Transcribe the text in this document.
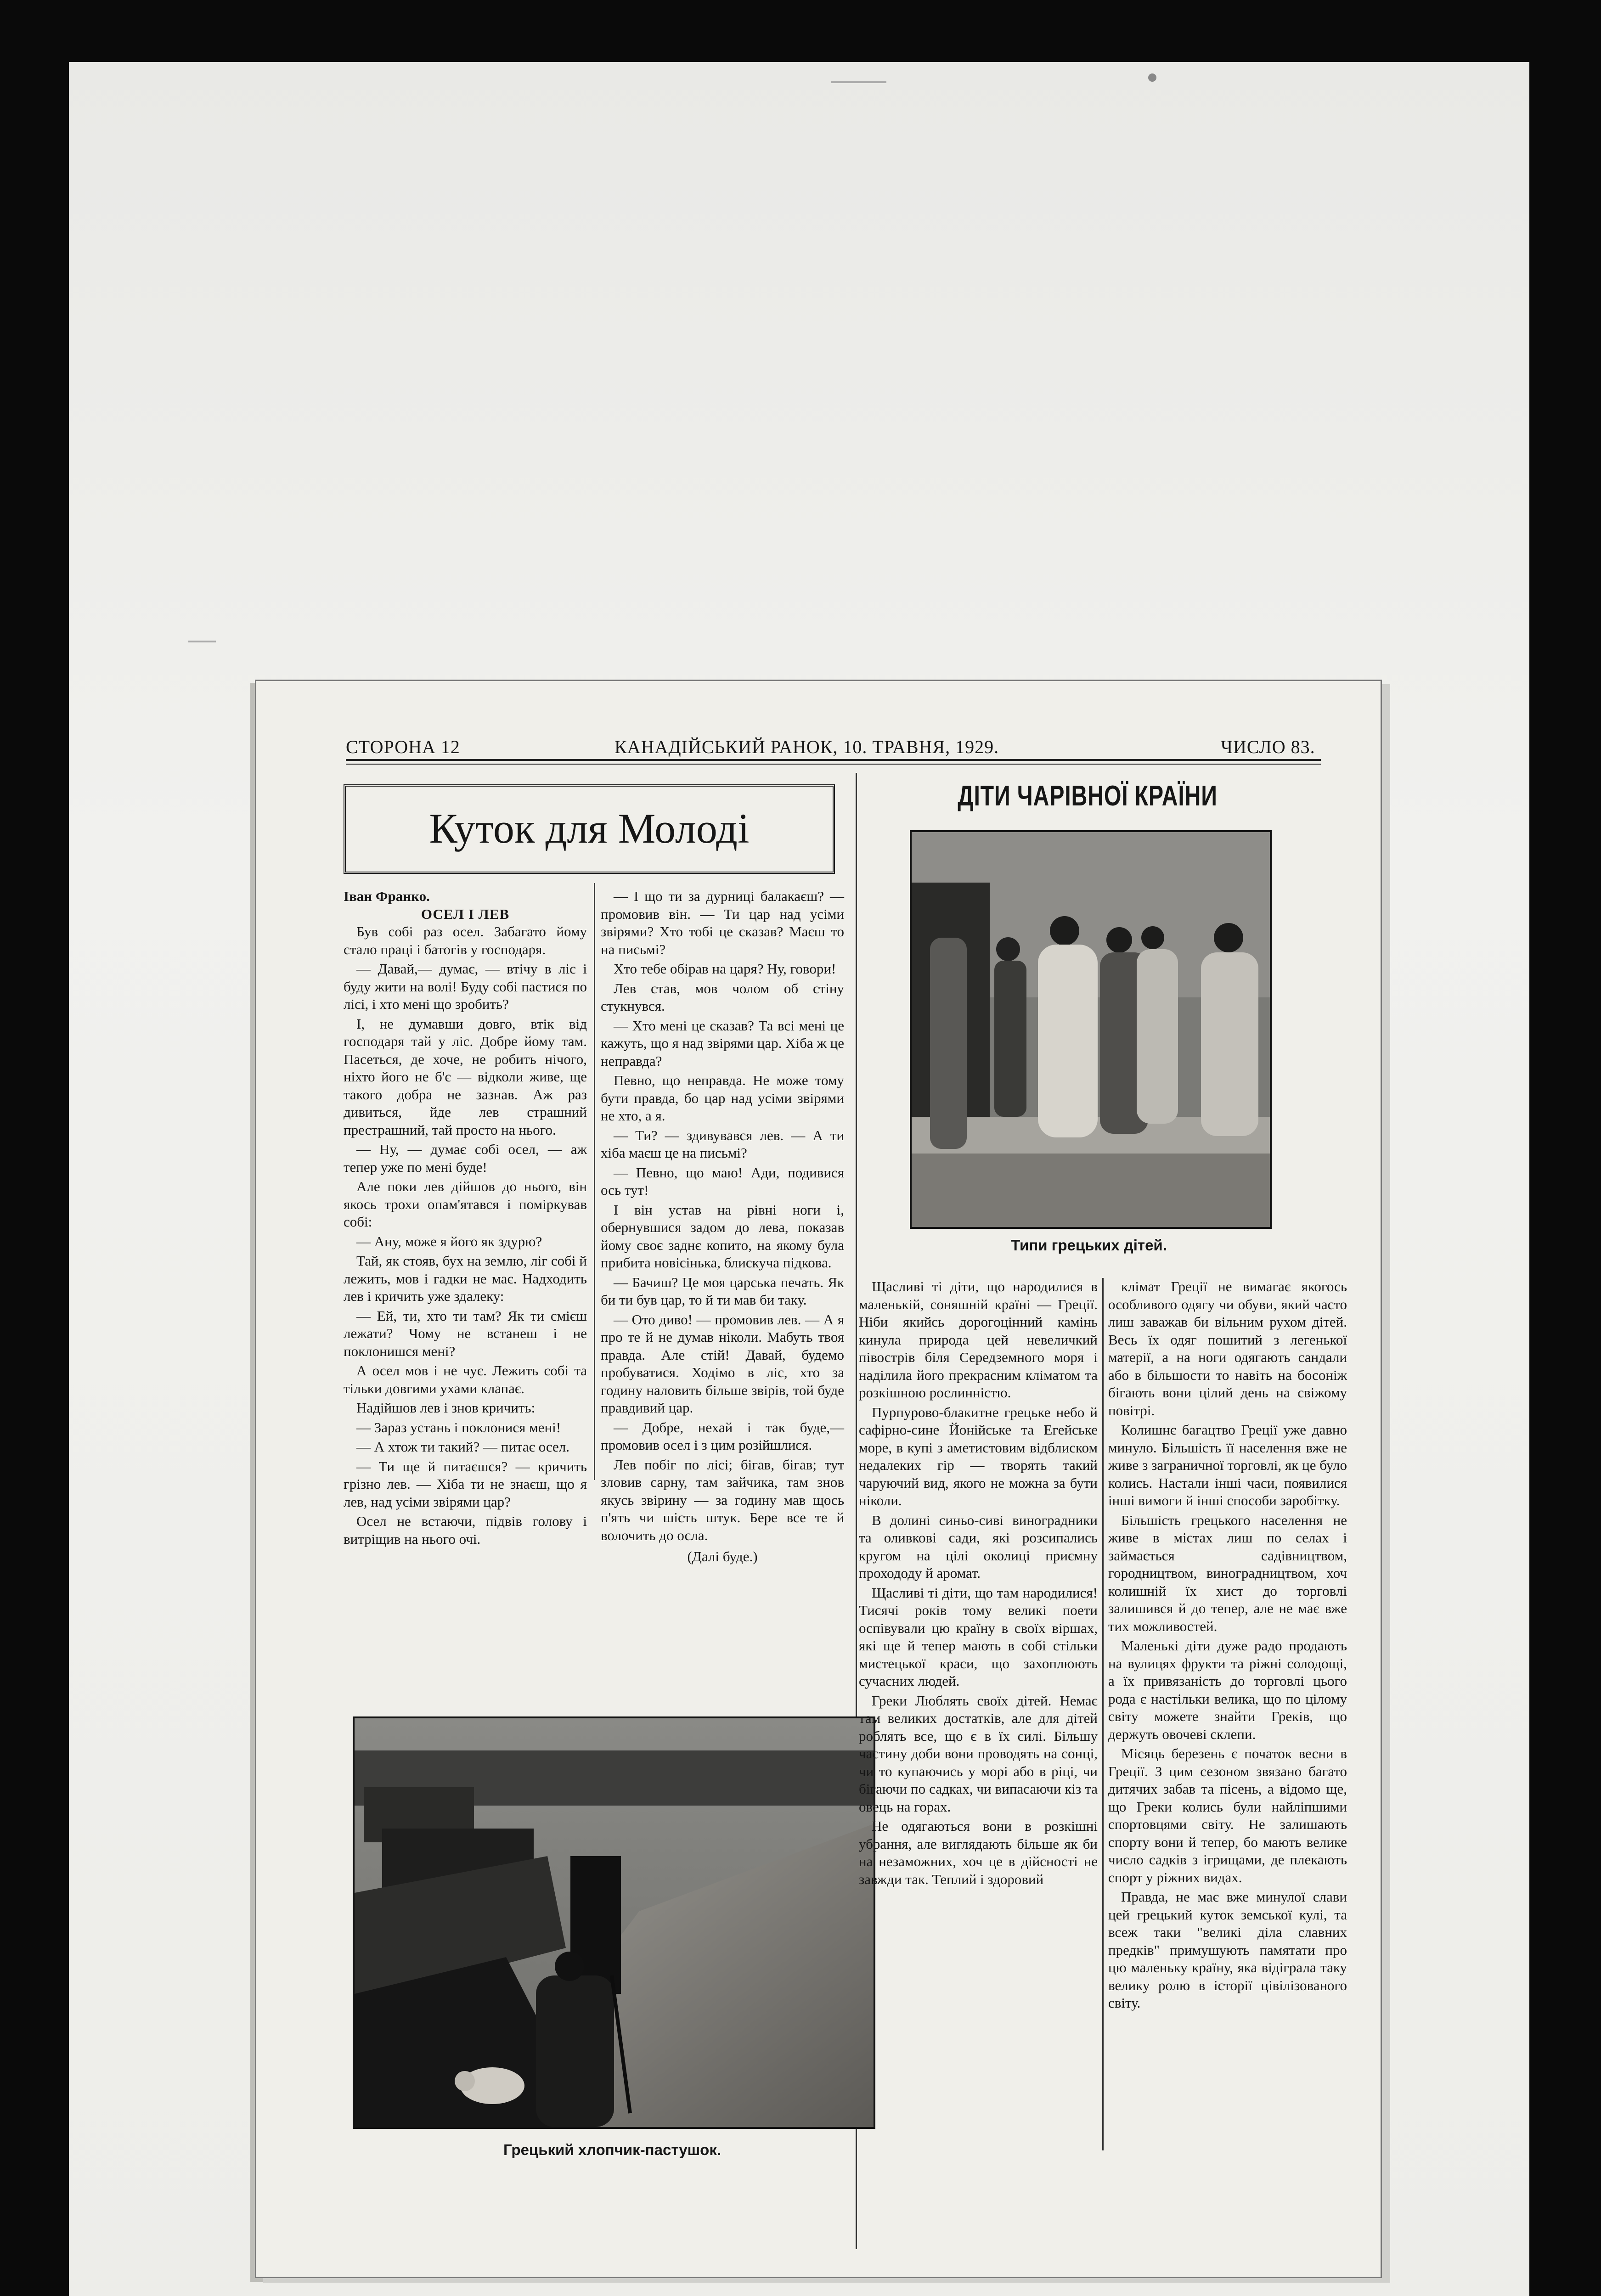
СТОРОНА 12	КАНАДІЙСЬКИЙ РАНОК, 10. ТРАВНЯ, 1929.	ЧИСЛО 83.
Куток для Молоді
Іван Франко.
ОСЕЛ І ЛЕВ

Був собі раз осел. Забагато йому стало праці і батогів у господаря.

— Давай,— думає, — втічу в ліс і буду жити на волі! Буду собі пастися по лісі, і хто мені що зробить?

І, не думавши довго, втік від господаря тай у ліс. Добре йому там. Пасеться, де хоче, не робить нічого, ніхто його не б'є — відколи живе, ще такого добра не зазнав. Аж раз дивиться, йде лев страшний престрашний, тай просто на нього.

— Ну, — думає собі осел, — аж тепер уже по мені буде!

Але поки лев дійшов до нього, він якось трохи опам'ятався і поміркував собі:

— Ану, може я його як здурю?

Тай, як стояв, бух на землю, ліг собі й лежить, мов і гадки не має. Надходить лев і кричить уже здалеку:

— Ей, ти, хто ти там? Як ти смієш лежати? Чому не встанеш і не поклонишся мені?

А осел мов і не чує. Лежить собі та тільки довгими ухами клапає.

Надійшов лев і знов кричить:

— Зараз устань і поклонися мені!

— А хтож ти такий? — питає осел.

— Ти ще й питаєшся? — кричить грізно лев. — Хіба ти не знаєш, що я лев, над усіми звірями цар?

Осел не встаючи, підвів голову і витріщив на нього очі.

— І що ти за дурниці балакаєш? — промовив він. — Ти цар над усіми звірями? Хто тобі це сказав? Маєш то на письмі?

Хто тебе обірав на царя? Ну, говори!

Лев став, мов чолом об стіну стукнувся.

— Хто мені це сказав? Та всі мені це кажуть, що я над звірями цар. Хіба ж це неправда?

Певно, що неправда. Не може тому бути правда, бо цар над усіми звірями не хто, а я.

— Ти? — здивувався лев. — А ти хіба маєш це на письмі?

— Певно, що маю! Ади, подивися ось тут!

І він устав на рівні ноги і, обернувшися задом до лева, показав йому своє заднє копито, на якому була прибита новісінька, блискуча підкова.

— Бачиш? Це моя царська печать. Як би ти був цар, то й ти мав би таку.

— Ото диво! — промовив лев. — А я про те й не думав ніколи. Мабуть твоя правда. Але стій! Давай, будемо пробуватися. Ходімо в ліс, хто за годину наловить більше звірів, той буде правдивий цар.

— Добре, нехай і так буде,— промовив осел і з цим розійшлися.

Лев побіг по лісі; бігав, бігав; тут зловив сарну, там зайчика, там знов якусь звірину — за годину мав щось п'ять чи шість штук. Бере все те й волочить до осла.

(Далі буде.)
Грецький хлопчик-пастушок.
ДІТИ ЧАРІВНОЇ КРАЇНИ
Типи грецьких дітей.

Щасливі ті діти, що народилися в маленькій, соняшній країні — Греції. Нiби якийсь дорогоцінний камінь кинула природа цей невеличкий півострів біля Середземного моря і наділила його прекрасним кліматом та розкішною рослинністю.

Пурпурово-блакитне грецьке небо й сафірно-сине Йонійське та Егейське море, в купі з аметистовим відблиском недалеких гір — творять такий чаруючий вид, якого не можна за бути ніколи.

В долині синьо-сиві виноградники та оливкові сади, які розсипались кругом на цілі околиці приємну прохододу й аромат.

Щасливі ті діти, що там народилися! Тисячі років тому великі поети оспівували цю країну в своїх віршах, які ще й тепер мають в собі стільки мистецької краси, що захоплюють сучасних людей.

Греки Люблять своїх дітей. Немає там великих достатків, але для дітей роблять все, що є в їх силі. Більшу частину доби вони проводять на сонці, чи то купаючись у морі або в ріці, чи бігаючи по садках, чи випасаючи кіз та овець на горах.

Не одягаються вони в розкішні убрання, але виглядають більше як би на незаможних, хоч це в дійсності не завжди так. Теплий і здоровий

клімат Греції не вимагає якогось особливого одягу чи обуви, який часто лиш заважав би вільним рухом дітей. Весь їх одяг пошитий з легенької матерії, а на ноги одягають сандали або в більшости то навіть на босоніж бігають вони цілий день на свіжому повітрі.

Колишнє багацтво Греції уже давно минуло. Більшість її населення вже не живе з заграничної торговлі, як це було колись. Настали інші часи, появилися інші вимоги й інші способи заробітку.

Більшість грецького населення не живе в містах лиш по селах і займається садівництвом, городництвом, виноградництвом, хоч колишній їх хист до торговлі залишився й до тепер, але не має вже тих можливостей.

Маленькі діти дуже радо продають на вулицях фрукти та ріжні солодощі, а їх привязаність до торговлі цього рода є настільки велика, що по цілому світу можете знайти Греків, що держуть овочеві склепи.

Місяць березень є початок весни в Греції. З цим сезоном звязано багато дитячих забав та пісень, а відомо ще, що Греки колись були найліпшими спортовцями світу. Не залишають спорту вони й тепер, бо мають велике число садків з ігрищами, де плекають спорт у ріжних видах.

Правда, не має вже минулої слави цей грецький куток земської кулі, та всеж таки "великі діла славних предків" примушують памятати про цю маленьку країну, яка відіграла таку велику ролю в історії цівілізованого світу.
